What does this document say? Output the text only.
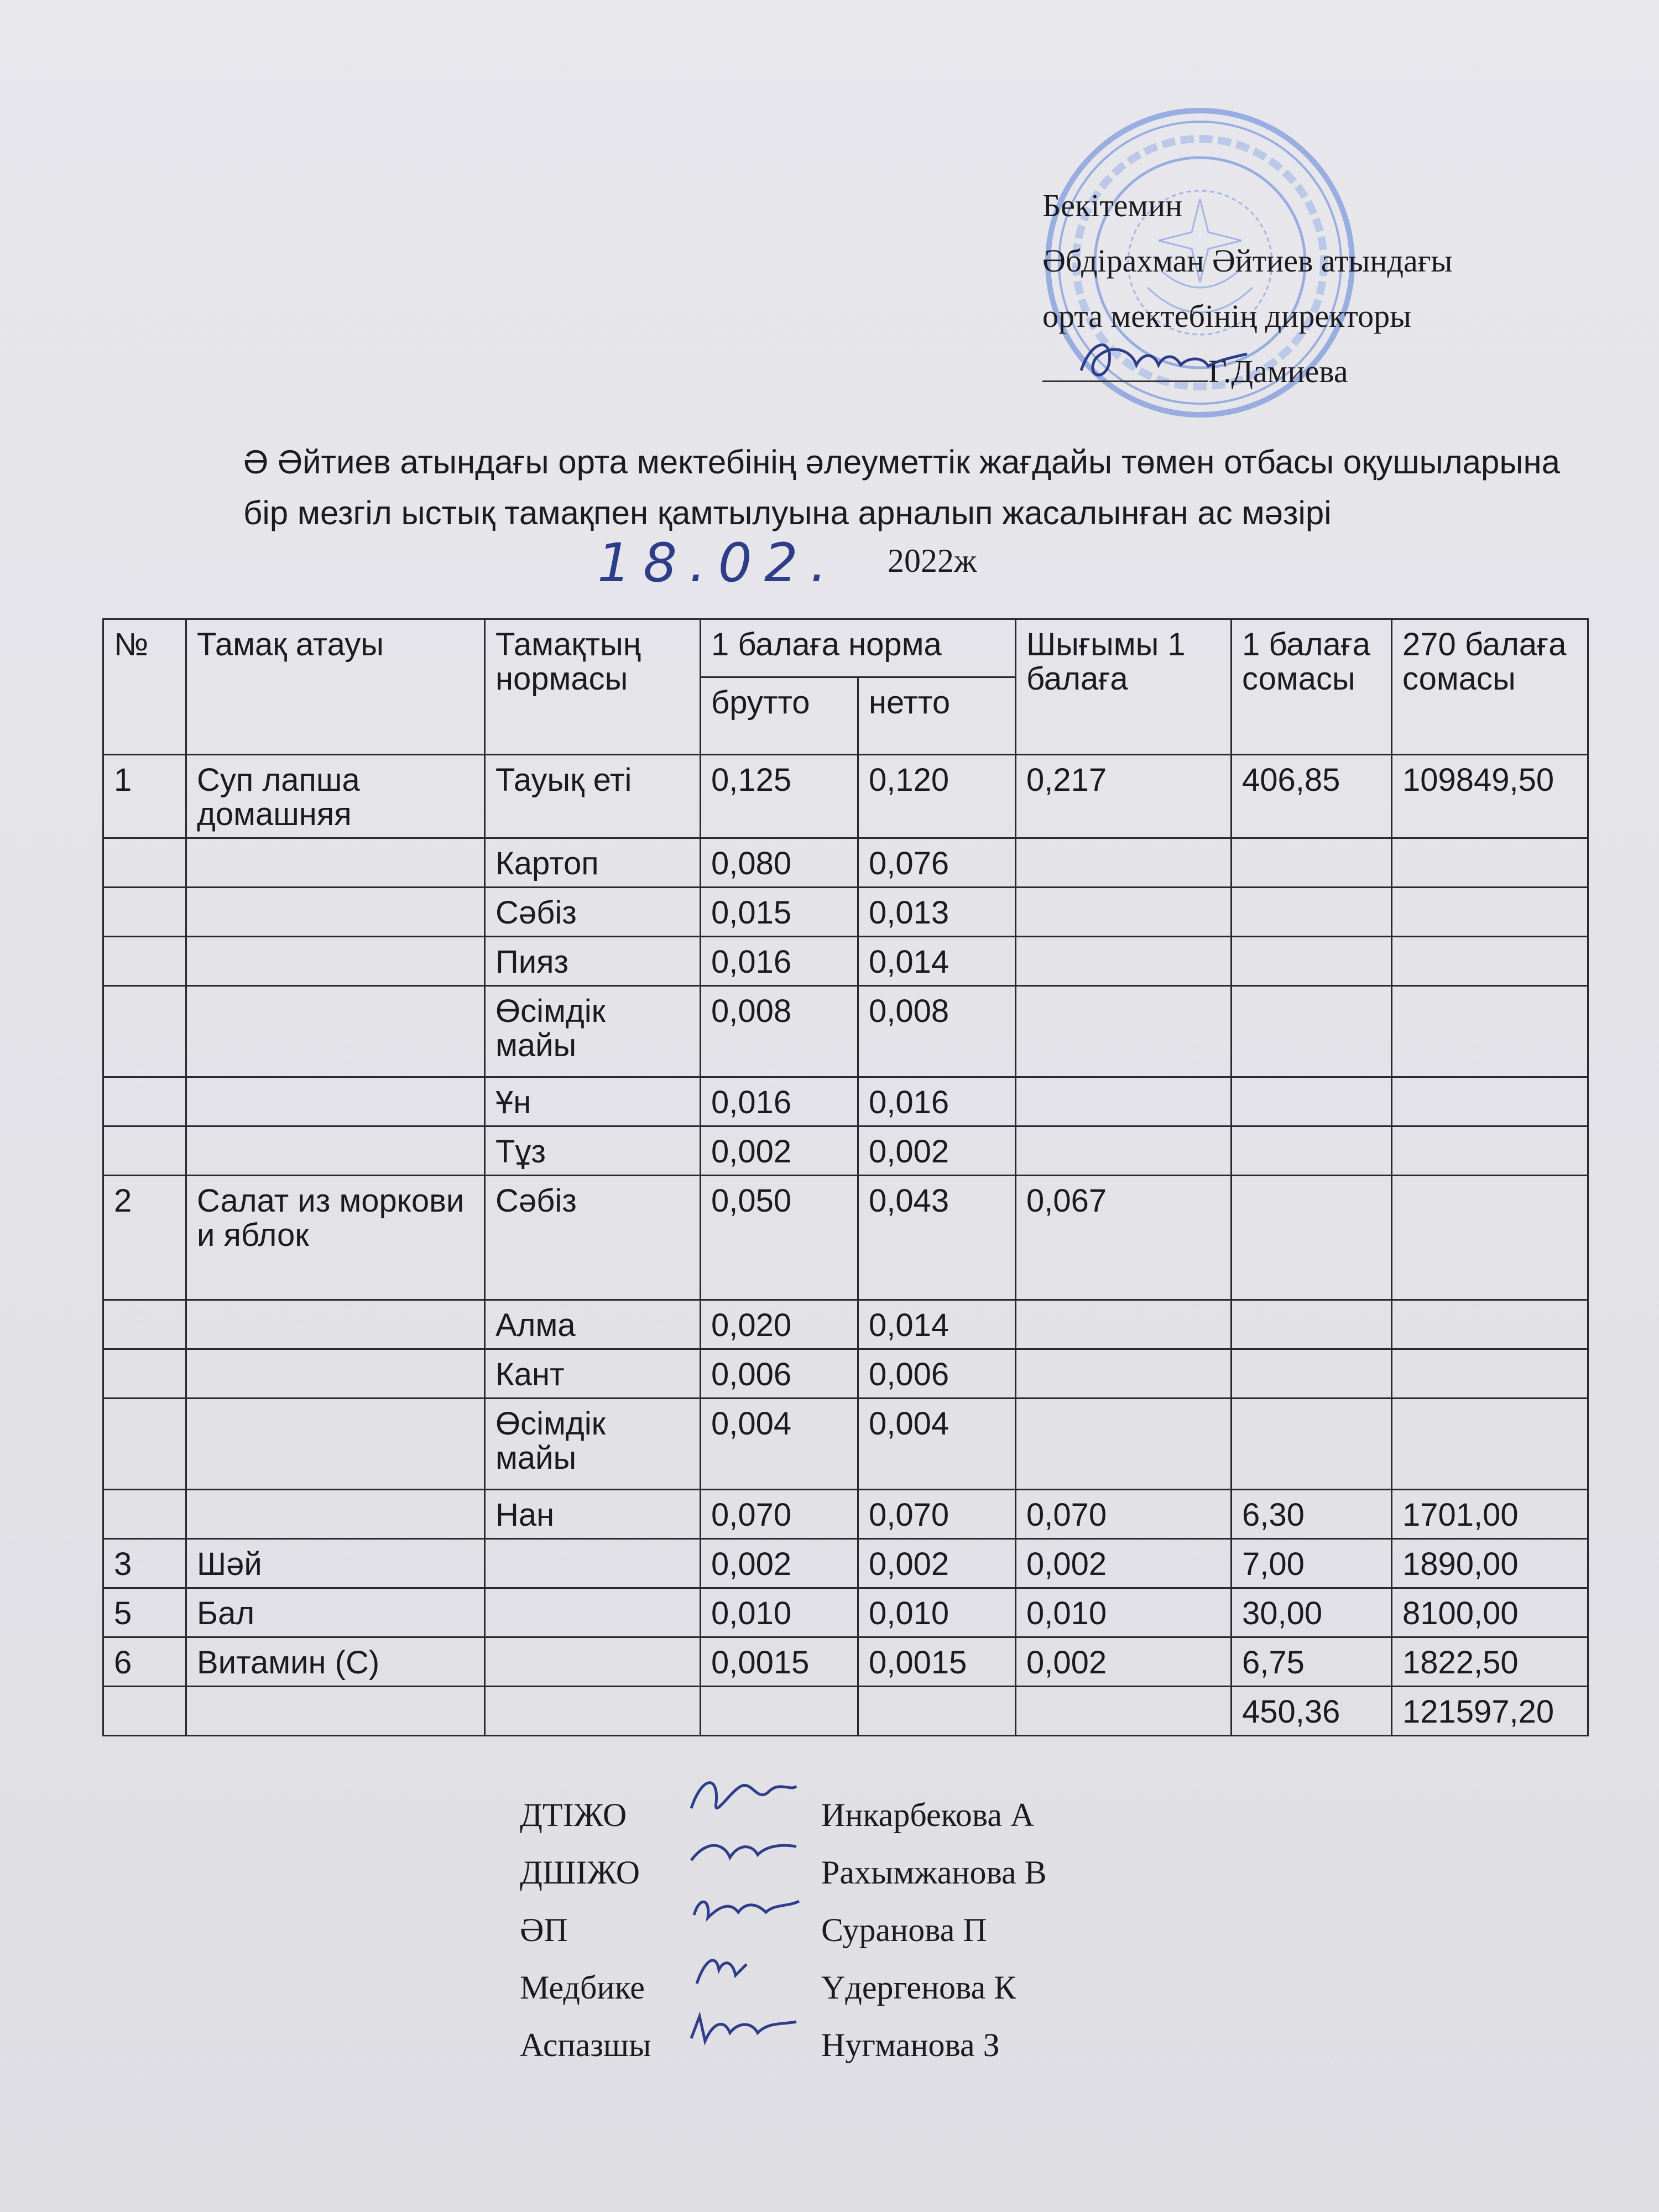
Бекітемин
Әбдірахман Әйтиев атындағы
орта мектебінің директоры
Г.Дамиева
Ә Әйтиев атындағы орта мектебінің әлеуметтік жағдайы төмен отбасы оқушыларына бір мезгіл ыстық тамақпен қамтылуына арналып жасалынған ас мәзірі
18.02. 2022ж
№	Тамақ атауы	Тамақтың нормасы	1 балаға норма		Шығымы 1 балаға	1 балаға сомасы	270 балаға сомасы
			брутто	нетто			
1	Суп лапша домашняя	Тауық еті	0,125	0,120	0,217	406,85	109849,50
		Картоп	0,080	0,076			
		Сәбіз	0,015	0,013			
		Пияз	0,016	0,014			
		Өсімдік майы	0,008	0,008			
		Ұн	0,016	0,016			
		Тұз	0,002	0,002			
2	Салат из моркови и яблок	Сәбіз	0,050	0,043	0,067		
		Алма	0,020	0,014			
		Кант	0,006	0,006			
		Өсімдік майы	0,004	0,004			
		Нан	0,070	0,070	0,070	6,30	1701,00
3	Шәй		0,002	0,002	0,002	7,00	1890,00
5	Бал		0,010	0,010	0,010	30,00	8100,00
6	Витамин (С)		0,0015	0,0015	0,002	6,75	1822,50
						450,36	121597,20
ДТІЖО	Инкарбекова А
ДШІЖО	Рахымжанова В
ӘП	Суранова П
Медбике	Үдергенова К
Аспазшы	Нугманова З
